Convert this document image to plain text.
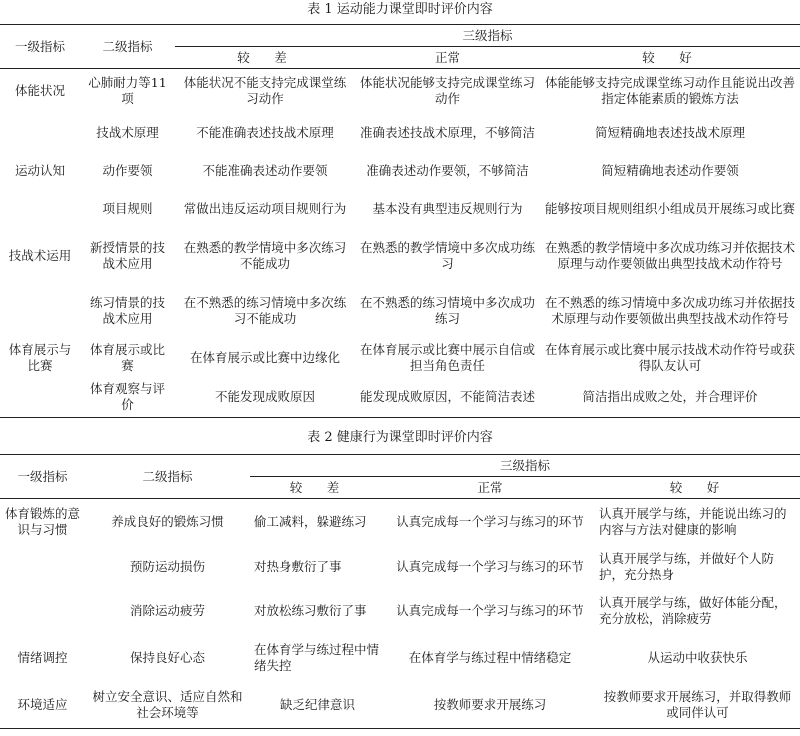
表 1 运动能力课堂即时评价内容
一级指标	二级指标	三级指标		
		较　差	正常	较　好
体能状况	心肺耐力等11 项	体能状况不能支持完成课堂练习动作	体能状况能够支持完成课堂练习动作	体能能够支持完成课堂练习动作且能说出改善指定体能素质的锻炼方法
	技战术原理	不能准确表述技战术原理	准确表述技战术原理，不够简洁	简短精确地表述技战术原理
运动认知	动作要领	不能准确表述动作要领	准确表述动作要领，不够简洁	简短精确地表述动作要领
	项目规则	常做出违反运动项目规则行为	基本没有典型违反规则行为	能够按项目规则组织小组成员开展练习或比赛
技战术运用	新授情景的技战术应用	在熟悉的教学情境中多次练习不能成功	在熟悉的教学情境中多次成功练习	在熟悉的教学情境中多次成功练习并依据技术原理与动作要领做出典型技战术动作符号
	练习情景的技战术应用	在不熟悉的练习情境中多次练习不能成功	在不熟悉的练习情境中多次成功练习	在不熟悉的练习情境中多次成功练习并依据技术原理与动作要领做出典型技战术动作符号
体育展示与比赛	体育展示或比赛	在体育展示或比赛中边缘化	在体育展示或比赛中展示自信或担当角色责任	在体育展示或比赛中展示技战术动作符号或获得队友认可
	体育观察与评价	不能发现成败原因	能发现成败原因，不能简洁表述	简洁指出成败之处，并合理评价
表 2 健康行为课堂即时评价内容
一级指标	二级指标	三级指标		
		较　差	正常	较　好
体育锻炼的意识与习惯	养成良好的锻炼习惯	偷工减料，躲避练习	认真完成每一个学习与练习的环节	认真开展学与练，并能说出练习的内容与方法对健康的影响
	预防运动损伤	对热身敷衍了事	认真完成每一个学习与练习的环节	认真开展学与练，并做好个人防护，充分热身
	消除运动疲劳	对放松练习敷衍了事	认真完成每一个学习与练习的环节	认真开展学与练，做好体能分配，充分放松，消除疲劳
情绪调控	保持良好心态	在体育学与练过程中情绪失控	在体育学与练过程中情绪稳定	从运动中收获快乐
环境适应	树立安全意识、适应自然和社会环境等	缺乏纪律意识	按教师要求开展练习	按教师要求开展练习，并取得教师或同伴认可
